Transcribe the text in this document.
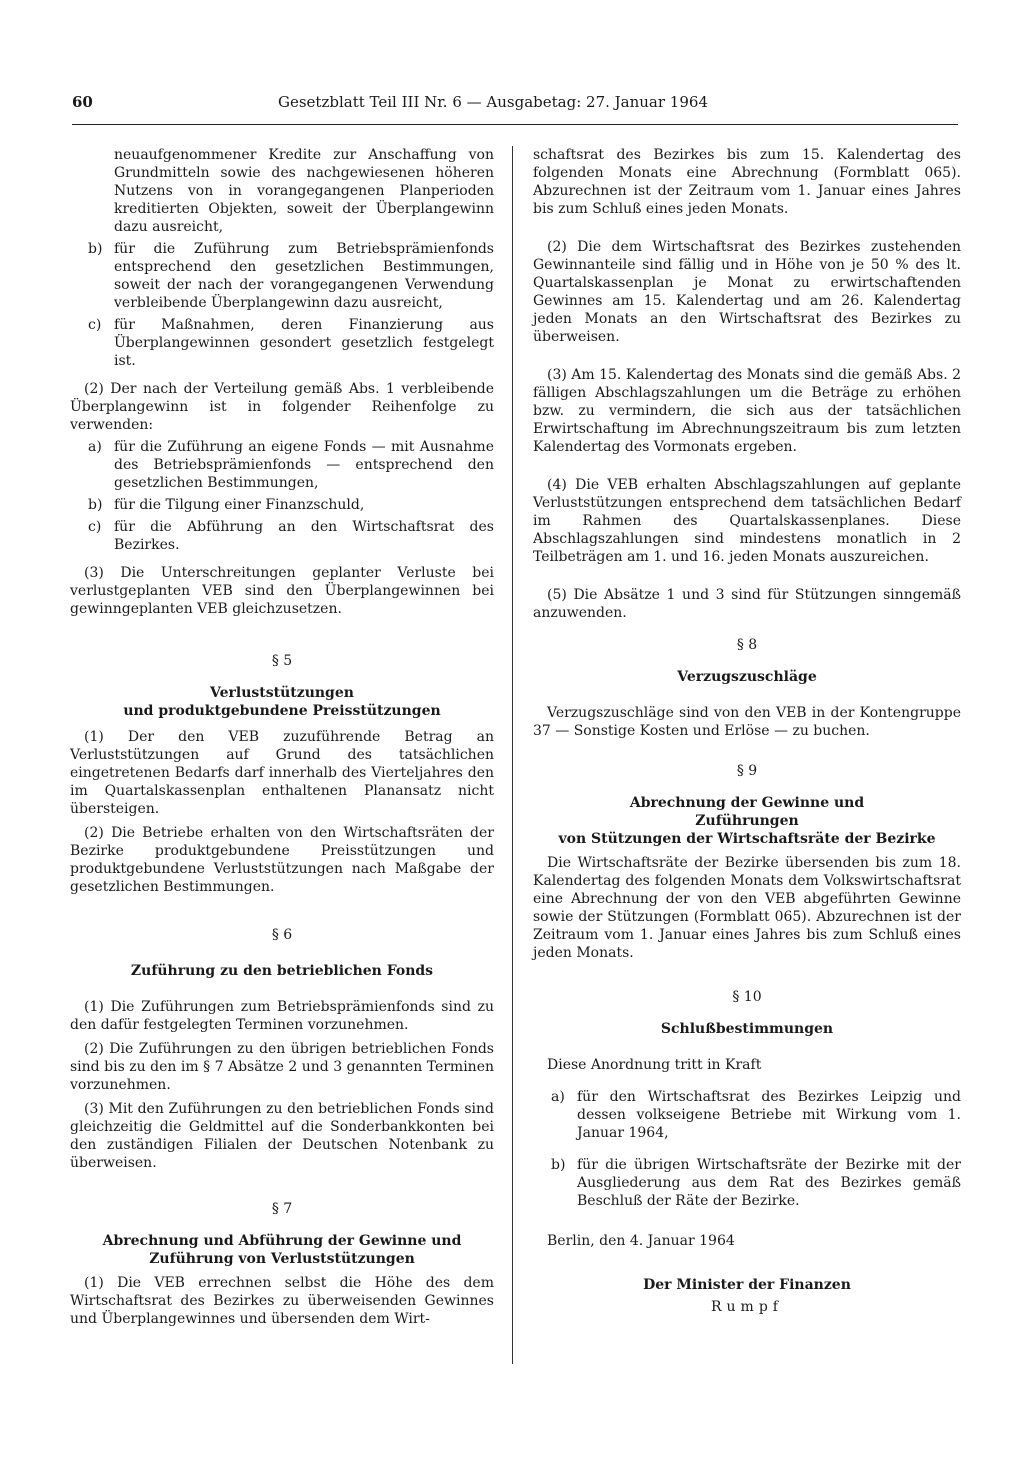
60	Gesetzblatt Teil III Nr. 6 — Ausgabetag: 27. Januar 1964

neuaufgenommener Kredite zur Anschaffung von Grundmitteln sowie des nachgewiesenen höheren Nutzens von in vorangegangenen Planperioden kreditierten Objekten, soweit der Überplangewinn dazu ausreicht,

b) für die Zuführung zum Betriebsprämienfonds entsprechend den gesetzlichen Bestimmungen, soweit der nach der vorangegangenen Verwendung verbleibende Überplangewinn dazu ausreicht,
c) für Maßnahmen, deren Finanzierung aus Überplangewinnen gesondert gesetzlich festgelegt ist.

(2) Der nach der Verteilung gemäß Abs. 1 verbleibende Überplangewinn ist in folgender Reihenfolge zu verwenden:

a) für die Zuführung an eigene Fonds — mit Ausnahme des Betriebsprämienfonds — entsprechend den gesetzlichen Bestimmungen,
b) für die Tilgung einer Finanzschuld,
c) für die Abführung an den Wirtschaftsrat des Bezirkes.

(3) Die Unterschreitungen geplanter Verluste bei verlustgeplanten VEB sind den Überplangewinnen bei gewinngeplanten VEB gleichzusetzen.

§ 5

Verluststützungen

und produktgebundene Preisstützungen

(1) Der den VEB zuzuführende Betrag an Verluststützungen auf Grund des tatsächlichen eingetretenen Bedarfs darf innerhalb des Vierteljahres den im Quartalskassenplan enthaltenen Planansatz nicht übersteigen.

(2) Die Betriebe erhalten von den Wirtschaftsräten der Bezirke produktgebundene Preisstützungen und produktgebundene Verluststützungen nach Maßgabe der gesetzlichen Bestimmungen.

§ 6

Zuführung zu den betrieblichen Fonds

(1) Die Zuführungen zum Betriebsprämienfonds sind zu den dafür festgelegten Terminen vorzunehmen.

(2) Die Zuführungen zu den übrigen betrieblichen Fonds sind bis zu den im § 7 Absätze 2 und 3 genannten Terminen vorzunehmen.

(3) Mit den Zuführungen zu den betrieblichen Fonds sind gleichzeitig die Geldmittel auf die Sonderbankkonten bei den zuständigen Filialen der Deutschen Notenbank zu überweisen.

§ 7

Abrechnung und Abführung der Gewinne und

Zuführung von Verluststützungen

(1) Die VEB errechnen selbst die Höhe des dem Wirtschaftsrat des Bezirkes zu überweisenden Gewinnes und Überplangewinnes und übersenden dem Wirt-

schaftsrat des Bezirkes bis zum 15. Kalendertag des folgenden Monats eine Abrechnung (Formblatt 065). Abzurechnen ist der Zeitraum vom 1. Januar eines Jahres bis zum Schluß eines jeden Monats.

(2) Die dem Wirtschaftsrat des Bezirkes zustehenden Gewinnanteile sind fällig und in Höhe von je 50 % des lt. Quartalskassenplan je Monat zu erwirtschaftenden Gewinnes am 15. Kalendertag und am 26. Kalendertag jeden Monats an den Wirtschaftsrat des Bezirkes zu überweisen.

(3) Am 15. Kalendertag des Monats sind die gemäß Abs. 2 fälligen Abschlagszahlungen um die Beträge zu erhöhen bzw. zu vermindern, die sich aus der tatsächlichen Erwirtschaftung im Abrechnungszeitraum bis zum letzten Kalendertag des Vormonats ergeben.

(4) Die VEB erhalten Abschlagszahlungen auf geplante Verluststützungen entsprechend dem tatsächlichen Bedarf im Rahmen des Quartalskassenplanes. Diese Abschlagszahlungen sind mindestens monatlich in 2 Teilbeträgen am 1. und 16. jeden Monats auszureichen.

(5) Die Absätze 1 und 3 sind für Stützungen sinngemäß anzuwenden.

§ 8

Verzugszuschläge

Verzugszuschläge sind von den VEB in der Kontengruppe 37 — Sonstige Kosten und Erlöse — zu buchen.

§ 9

Abrechnung der Gewinne und

Zuführungen

von Stützungen der Wirtschaftsräte der Bezirke

Die Wirtschaftsräte der Bezirke übersenden bis zum 18. Kalendertag des folgenden Monats dem Volkswirtschaftsrat eine Abrechnung der von den VEB abgeführten Gewinne sowie der Stützungen (Formblatt 065). Abzurechnen ist der Zeitraum vom 1. Januar eines Jahres bis zum Schluß eines jeden Monats.

§ 10

Schlußbestimmungen

Diese Anordnung tritt in Kraft

a) für den Wirtschaftsrat des Bezirkes Leipzig und dessen volkseigene Betriebe mit Wirkung vom 1. Januar 1964,
b) für die übrigen Wirtschaftsräte der Bezirke mit der Ausgliederung aus dem Rat des Bezirkes gemäß Beschluß der Räte der Bezirke.

Berlin, den 4. Januar 1964

Der Minister der Finanzen

Rumpf
